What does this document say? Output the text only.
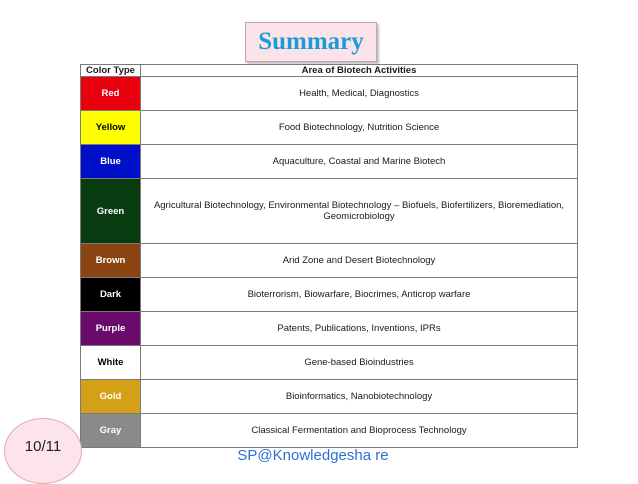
Summary
Color Type	Area of Biotech Activities
Red	Health, Medical, Diagnostics
Yellow	Food Biotechnology, Nutrition Science
Blue	Aquaculture, Coastal and Marine Biotech
Green	Agricultural Biotechnology, Environmental Biotechnology – Biofuels, Biofertilizers, Bioremediation, Geomicrobiology
Brown	Arid Zone and Desert Biotechnology
Dark	Bioterrorism, Biowarfare, Biocrimes, Anticrop warfare
Purple	Patents, Publications, Inventions, IPRs
White	Gene-based Bioindustries
Gold	Bioinformatics, Nanobiotechnology
Gray	Classical Fermentation and Bioprocess Technology
10/11
SP@Knowledgesha re
